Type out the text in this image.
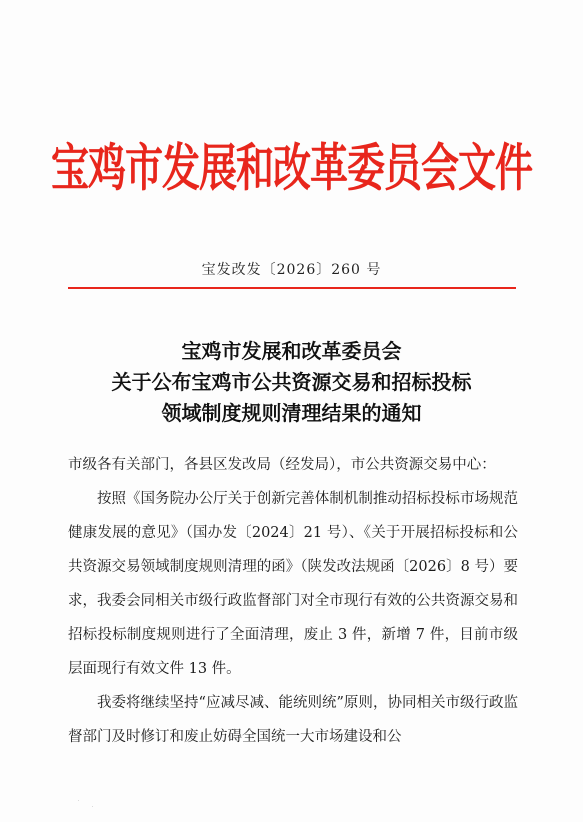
宝鸡市发展和改革委员会文件
宝发改发〔2026〕260 号
宝鸡市发展和改革委员会
关于公布宝鸡市公共资源交易和招标投标
领域制度规则清理结果的通知

市级各有关部门，各县区发改局（经发局），市公共资源交易中心：

按照《国务院办公厅关于创新完善体制机制推动招标投标市场规范健康发展的意见》（国办发〔2024〕21 号）、《关于开展招标投标和公共资源交易领域制度规则清理的函》（陕发改法规函〔2026〕8 号）要求，我委会同相关市级行政监督部门对全市现行有效的公共资源交易和招标投标制度规则进行了全面清理，废止 3 件，新增 7 件，目前市级层面现行有效文件 13 件。

我委将继续坚持“应减尽减、能统则统”原则，协同相关市级行政监督部门及时修订和废止妨碍全国统一大市场建设和公
